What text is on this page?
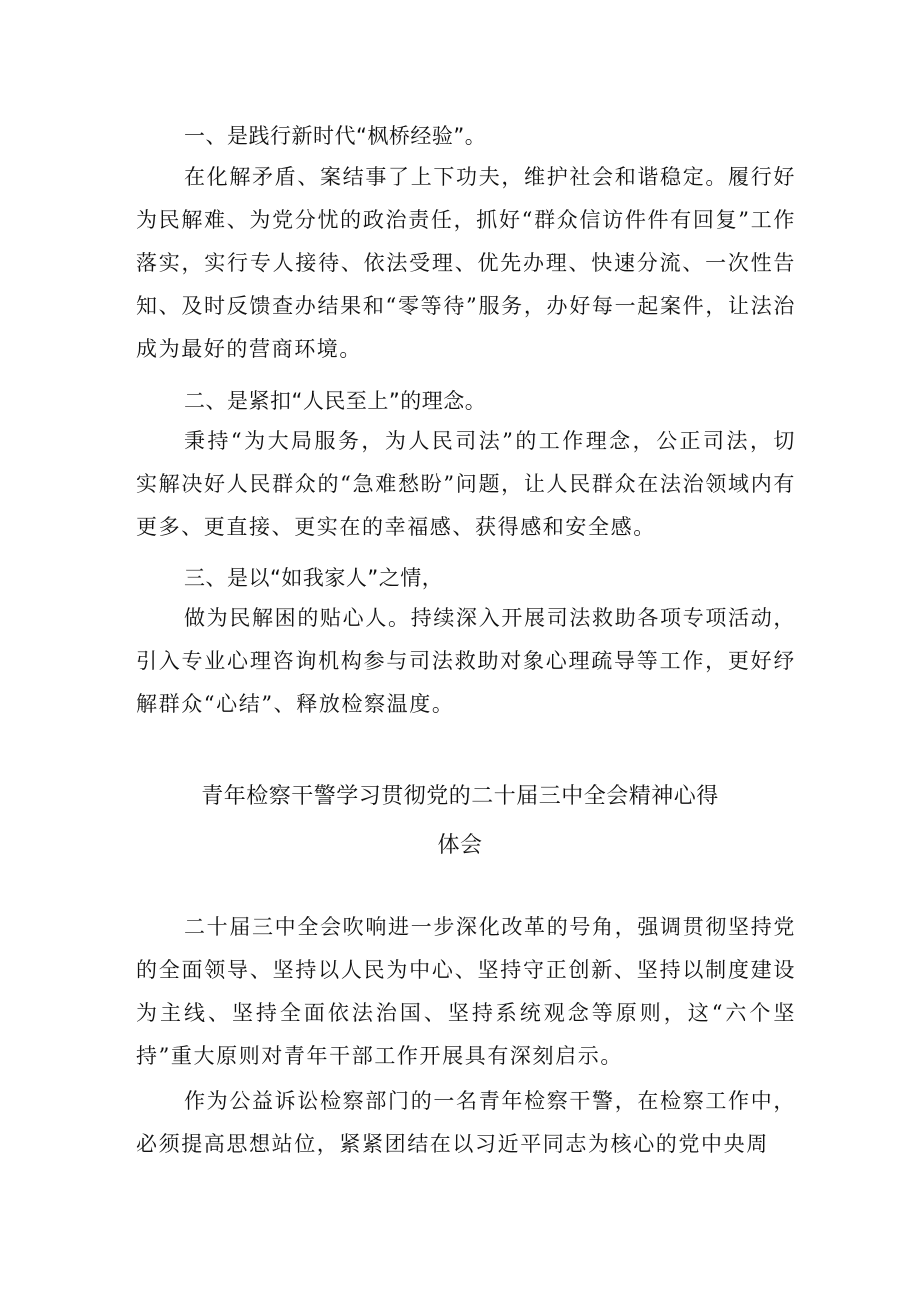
一、是践行新时代“枫桥经验”。
在化解矛盾、案结事了上下功夫，维护社会和谐稳定。履行好为民解难、为党分忧的政治责任，抓好“群众信访件件有回复”工作落实，实行专人接待、依法受理、优先办理、快速分流、一次性告知、及时反馈查办结果和“零等待”服务，办好每一起案件，让法治成为最好的营商环境。
二、是紧扣“人民至上”的理念。
秉持“为大局服务，为人民司法”的工作理念，公正司法，切实解决好人民群众的“急难愁盼”问题，让人民群众在法治领域内有更多、更直接、更实在的幸福感、获得感和安全感。
三、是以“如我家人”之情，
做为民解困的贴心人。持续深入开展司法救助各项专项活动，引入专业心理咨询机构参与司法救助对象心理疏导等工作，更好纾解群众“心结”、释放检察温度。
青年检察干警学习贯彻党的二十届三中全会精神心得
体会
二十届三中全会吹响进一步深化改革的号角，强调贯彻坚持党的全面领导、坚持以人民为中心、坚持守正创新、坚持以制度建设为主线、坚持全面依法治国、坚持系统观念等原则，这“六个坚持”重大原则对青年干部工作开展具有深刻启示。
作为公益诉讼检察部门的一名青年检察干警，在检察工作中，必须提高思想站位，紧紧团结在以习近平同志为核心的党中央周
